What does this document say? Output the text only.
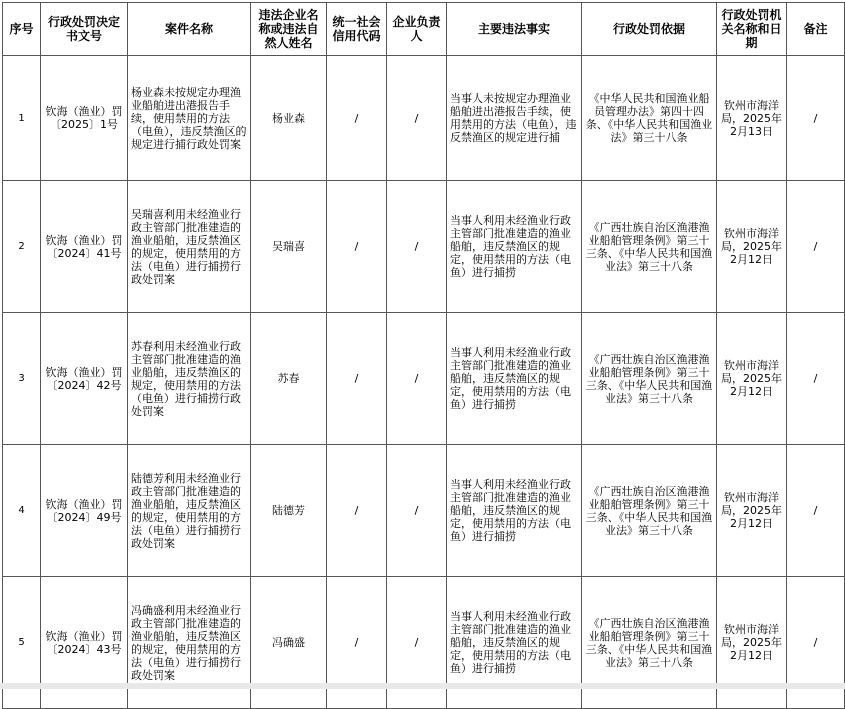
序号	行政处罚决定书文号	案件名称	违法企业名称或违法自然人姓名	统一社会信用代码	企业负责人	主要违法事实	行政处罚依据	行政处罚机关名称和日期	备注
1	钦海（渔业）罚〔2025〕1号	杨业森未按规定办理渔业船舶进出港报告手续，使用禁用的方法（电鱼），违反禁渔区的规定进行捕行政处罚案	杨业森	/	/	当事人未按规定办理渔业船舶进出港报告手续，使用禁用的方法（电鱼），违反禁渔区的规定进行捕	《中华人民共和国渔业船员管理办法》第四十四条、《中华人民共和国渔业法》第三十八条	钦州市海洋局，2025年2月13日	/
2	钦海（渔业）罚〔2024〕41号	吴瑞喜利用未经渔业行政主管部门批准建造的渔业船舶，违反禁渔区的规定，使用禁用的方法（电鱼）进行捕捞行政处罚案	吴瑞喜	/	/	当事人利用未经渔业行政主管部门批准建造的渔业船舶，违反禁渔区的规定，使用禁用的方法（电鱼）进行捕捞	《广西壮族自治区渔港渔业船舶管理条例》第三十三条、《中华人民共和国渔业法》第三十八条	钦州市海洋局，2025年2月12日	/
3	钦海（渔业）罚〔2024〕42号	苏春利用未经渔业行政主管部门批准建造的渔业船舶，违反禁渔区的规定，使用禁用的方法（电鱼）进行捕捞行政处罚案	苏春	/	/	当事人利用未经渔业行政主管部门批准建造的渔业船舶，违反禁渔区的规定，使用禁用的方法（电鱼）进行捕捞	《广西壮族自治区渔港渔业船舶管理条例》第三十三条、《中华人民共和国渔业法》第三十八条	钦州市海洋局，2025年2月12日	/
4	钦海（渔业）罚〔2024〕49号	陆德芳利用未经渔业行政主管部门批准建造的渔业船舶，违反禁渔区的规定，使用禁用的方法（电鱼）进行捕捞行政处罚案	陆德芳	/	/	当事人利用未经渔业行政主管部门批准建造的渔业船舶，违反禁渔区的规定，使用禁用的方法（电鱼）进行捕捞	《广西壮族自治区渔港渔业船舶管理条例》第三十三条、《中华人民共和国渔业法》第三十八条	钦州市海洋局，2025年2月12日	/
5	钦海（渔业）罚〔2024〕43号	冯确盛利用未经渔业行政主管部门批准建造的渔业船舶，违反禁渔区的规定，使用禁用的方法（电鱼）进行捕捞行政处罚案	冯确盛	/	/	当事人利用未经渔业行政主管部门批准建造的渔业船舶，违反禁渔区的规定，使用禁用的方法（电鱼）进行捕捞	《广西壮族自治区渔港渔业船舶管理条例》第三十三条、《中华人民共和国渔业法》第三十八条	钦州市海洋局，2025年2月12日	/
